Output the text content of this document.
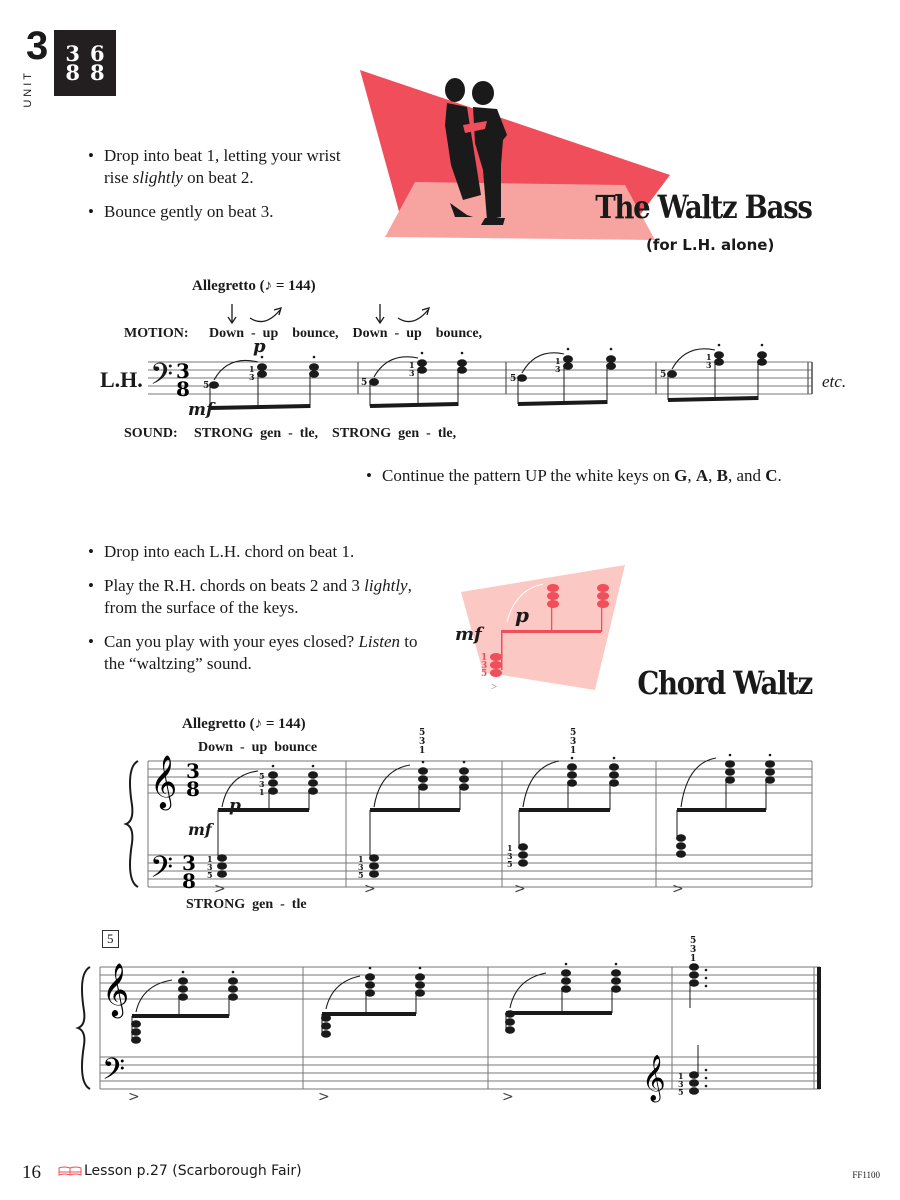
3
UNIT
3
8
6
8
The Waltz Bass
(for L.H. alone)
• Drop into beat 1, letting your wrist rise slightly on beat 2.
• Bounce gently on beat 3.
Allegretto (♪ = 144)
MOTION: Down  -  up    bounce,    Down  -  up    bounce,
L.H. 𝄢 3
8 5
1
3
5
1
3
5
1
3
5
1
3
p
mf
etc.
SOUND: STRONG  gen  -  tle,    STRONG  gen  -  tle,
• Continue the pattern UP the white keys on G, A, B, and C.
• Drop into each L.H. chord on beat 1.
• Play the R.H. chords on beats 2 and 3 lightly, from the surface of the keys.
• Can you play with your eyes closed? Listen to the “waltzing” sound.	1
3
5
>
p
mf
Chord Waltz
Allegretto (♪ = 144)
Down  -  up  bounce
𝄞
𝄢
3
8
3
8
5
3
1
1
3
5
1
3
5
1
3
5
5
3
1
5
3
1
>	>	>	>
p
mf
STRONG  gen  -  tle
5
𝄞
𝄢	𝄞
5
3
1
1
3
5
>	>	>
16	Lesson p.27 (Scarborough Fair)	FF1100
